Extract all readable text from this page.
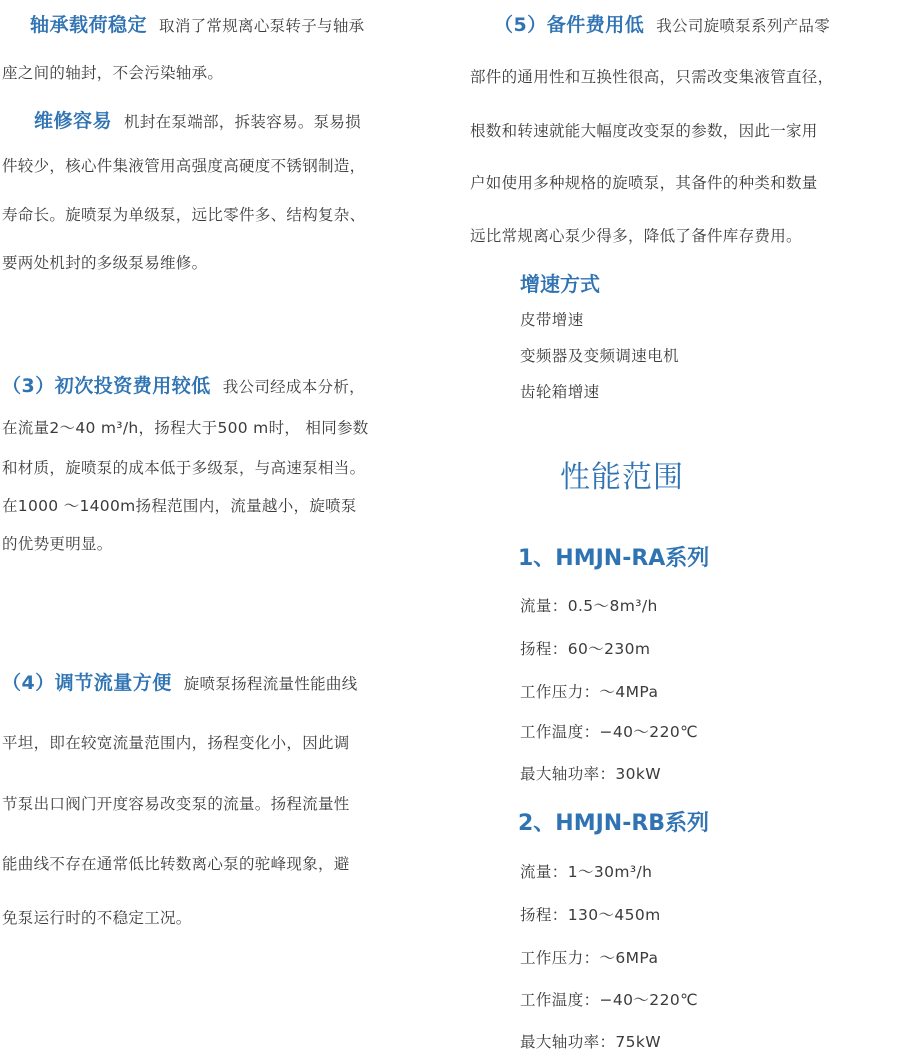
轴承载荷稳定 取消了常规离心泵转子与轴承
座之间的轴封，不会污染轴承。
维修容易 机封在泵端部，拆装容易。泵易损
件较少，核心件集液管用高强度高硬度不锈钢制造，
寿命长。旋喷泵为单级泵，远比零件多、结构复杂、
要两处机封的多级泵易维修。
（3）初次投资费用较低 我公司经成本分析，
在流量2～40 m³/h，扬程大于500 m时， 相同参数
和材质，旋喷泵的成本低于多级泵，与高速泵相当。
在1000 ～1400m扬程范围内，流量越小，旋喷泵
的优势更明显。
（4）调节流量方便 旋喷泵扬程流量性能曲线
平坦，即在较宽流量范围内，扬程变化小，因此调
节泵出口阀门开度容易改变泵的流量。扬程流量性
能曲线不存在通常低比转数离心泵的驼峰现象，避
免泵运行时的不稳定工况。
（5）备件费用低 我公司旋喷泵系列产品零
部件的通用性和互换性很高，只需改变集液管直径，
根数和转速就能大幅度改变泵的参数，因此一家用
户如使用多种规格的旋喷泵，其备件的种类和数量
远比常规离心泵少得多，降低了备件库存费用。
增速方式
皮带增速
变频器及变频调速电机
齿轮箱增速
性能范围
1、HMJN-RA系列
流量：0.5～8m³/h
扬程：60～230m
工作压力：～4MPa
工作温度：−40～220℃
最大轴功率：30kW
2、HMJN-RB系列
流量：1～30m³/h
扬程：130～450m
工作压力：～6MPa
工作温度：−40～220℃
最大轴功率：75kW
